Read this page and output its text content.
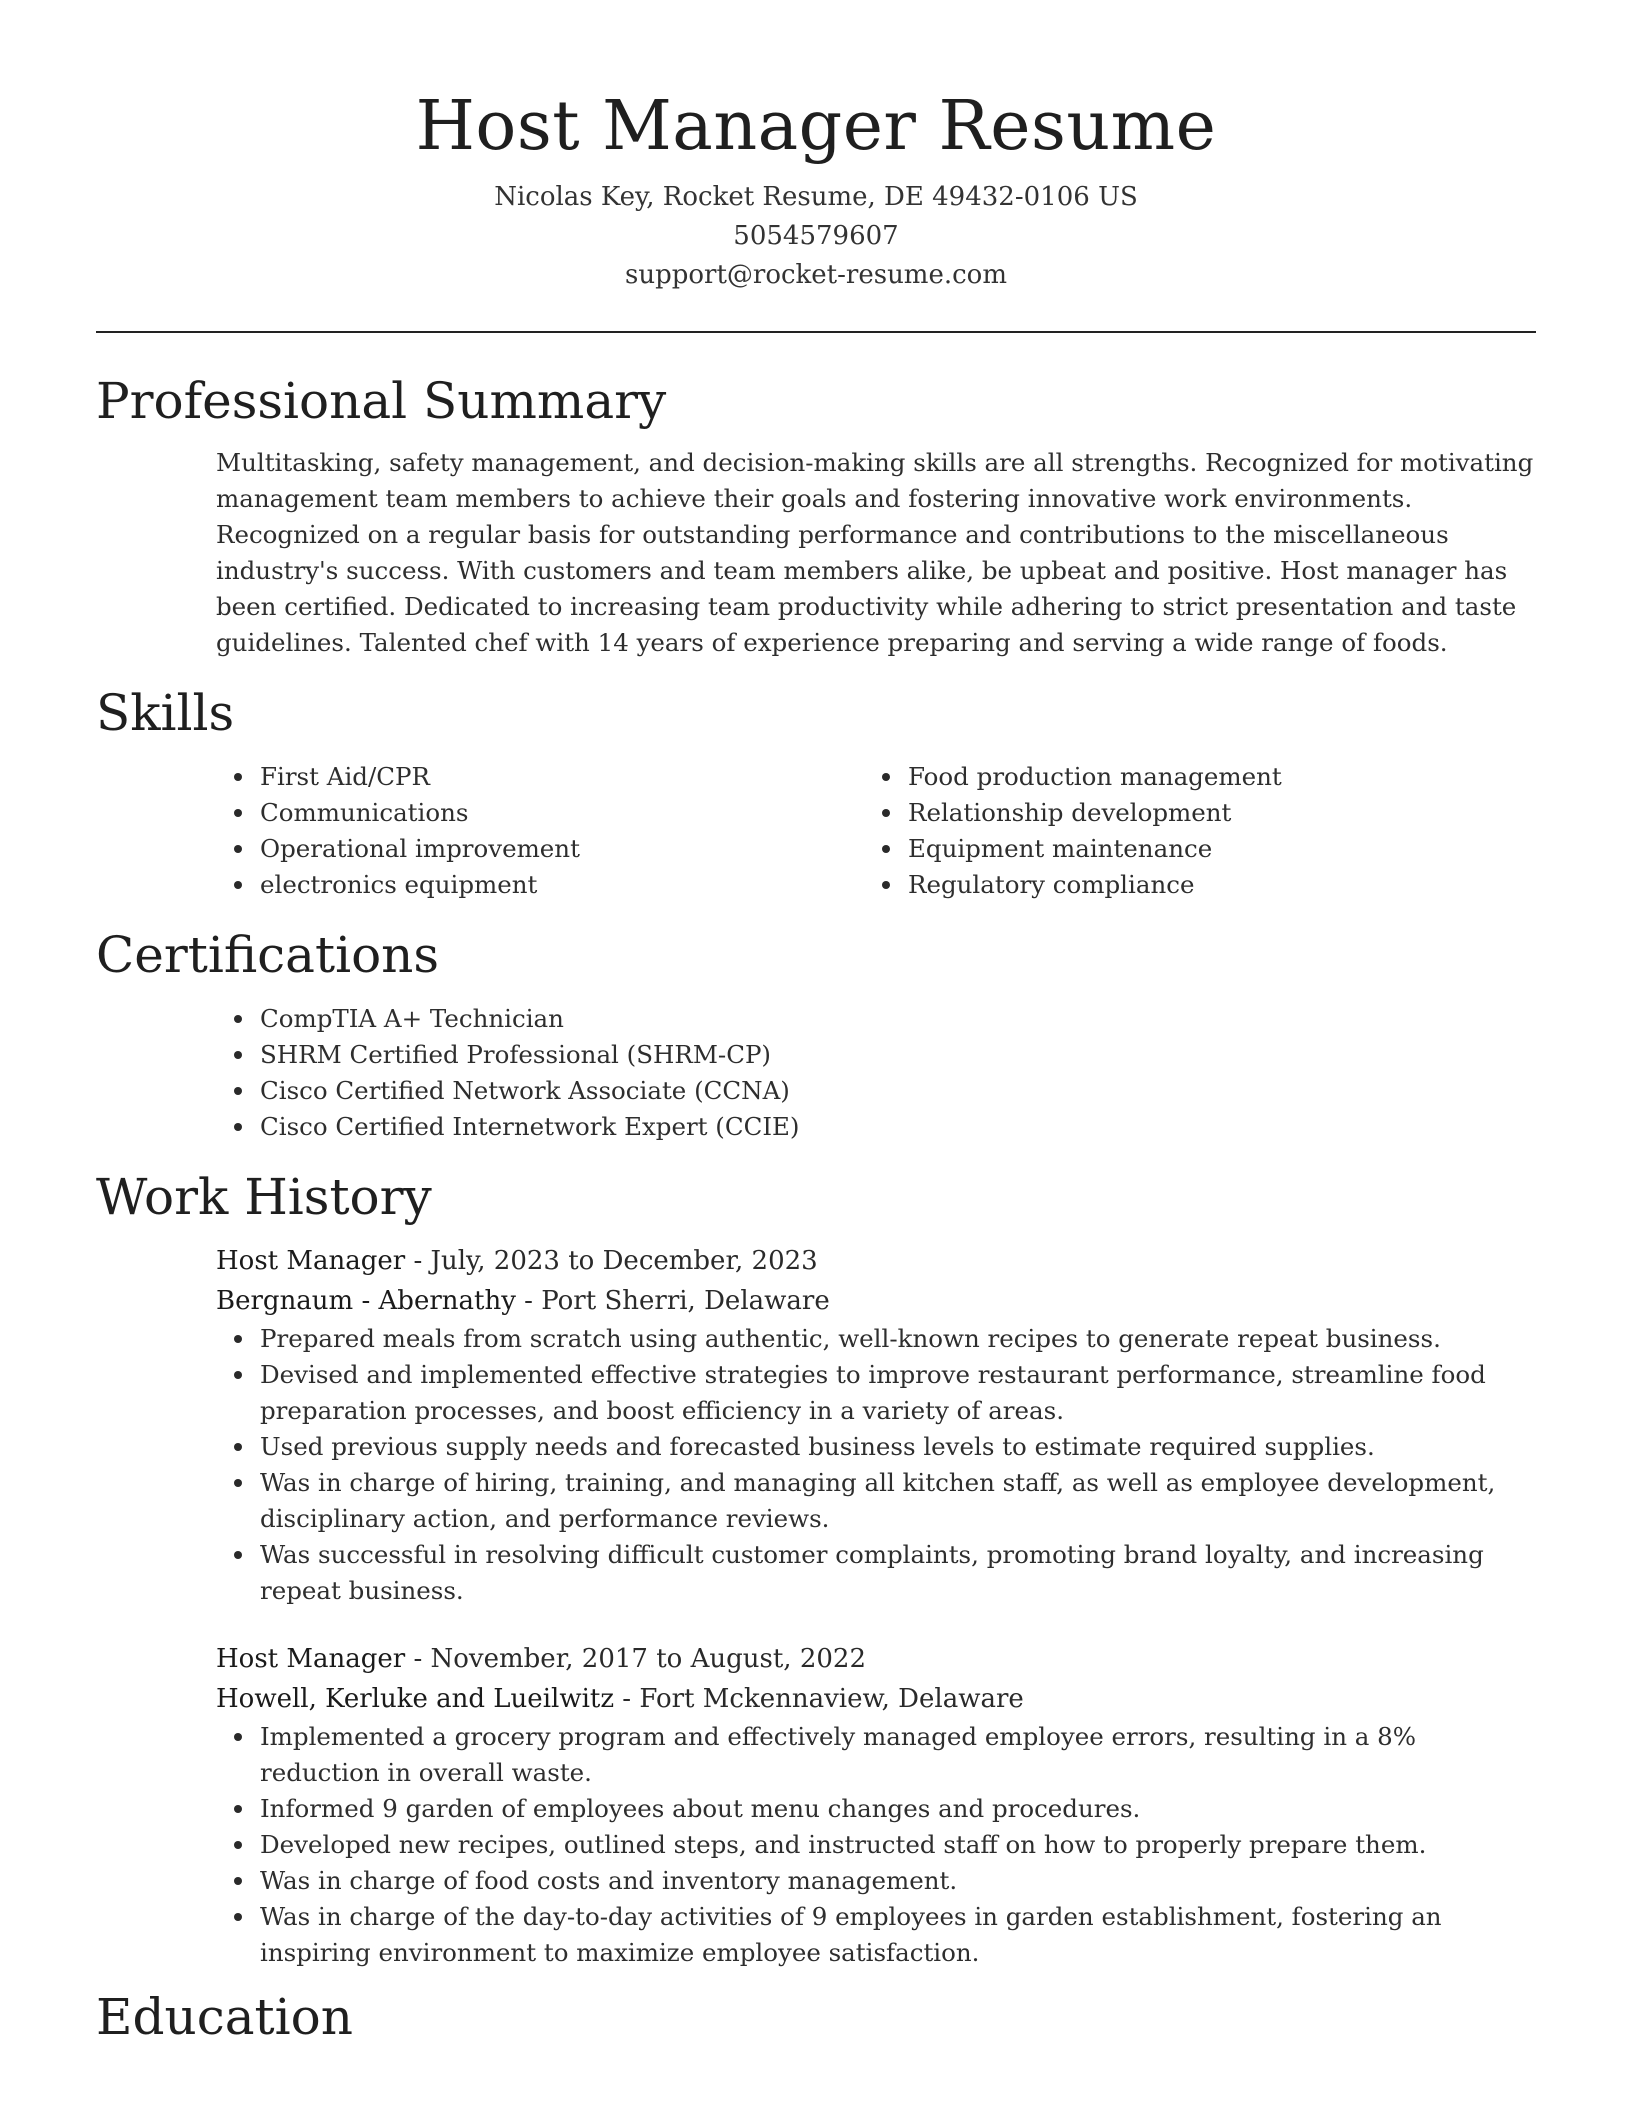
Host Manager Resume
Nicolas Key, Rocket Resume, DE 49432-0106 US
5054579607
support@rocket-resume.com
Professional Summary
Multitasking, safety management, and decision-making skills are all strengths. Recognized for motivating management team members to achieve their goals and fostering innovative work environments. Recognized on a regular basis for outstanding performance and contributions to the miscellaneous industry's success. With customers and team members alike, be upbeat and positive. Host manager has been certified. Dedicated to increasing team productivity while adhering to strict presentation and taste guidelines. Talented chef with 14 years of experience preparing and serving a wide range of foods.
Skills
First Aid/CPR
Communications
Operational improvement
electronics equipment
Food production management
Relationship development
Equipment maintenance
Regulatory compliance
Certifications
CompTIA A+ Technician
SHRM Certified Professional (SHRM-CP)
Cisco Certified Network Associate (CCNA)
Cisco Certified Internetwork Expert (CCIE)
Work History
Host Manager - July, 2023 to December, 2023
Bergnaum - Abernathy - Port Sherri, Delaware
Prepared meals from scratch using authentic, well-known recipes to generate repeat business.
Devised and implemented effective strategies to improve restaurant performance, streamline food preparation processes, and boost efficiency in a variety of areas.
Used previous supply needs and forecasted business levels to estimate required supplies.
Was in charge of hiring, training, and managing all kitchen staff, as well as employee development, disciplinary action, and performance reviews.
Was successful in resolving difficult customer complaints, promoting brand loyalty, and increasing repeat business.
Host Manager - November, 2017 to August, 2022
Howell, Kerluke and Lueilwitz - Fort Mckennaview, Delaware
Implemented a grocery program and effectively managed employee errors, resulting in a 8% reduction in overall waste.
Informed 9 garden of employees about menu changes and procedures.
Developed new recipes, outlined steps, and instructed staff on how to properly prepare them.
Was in charge of food costs and inventory management.
Was in charge of the day-to-day activities of 9 employees in garden establishment, fostering an inspiring environment to maximize employee satisfaction.
Education
